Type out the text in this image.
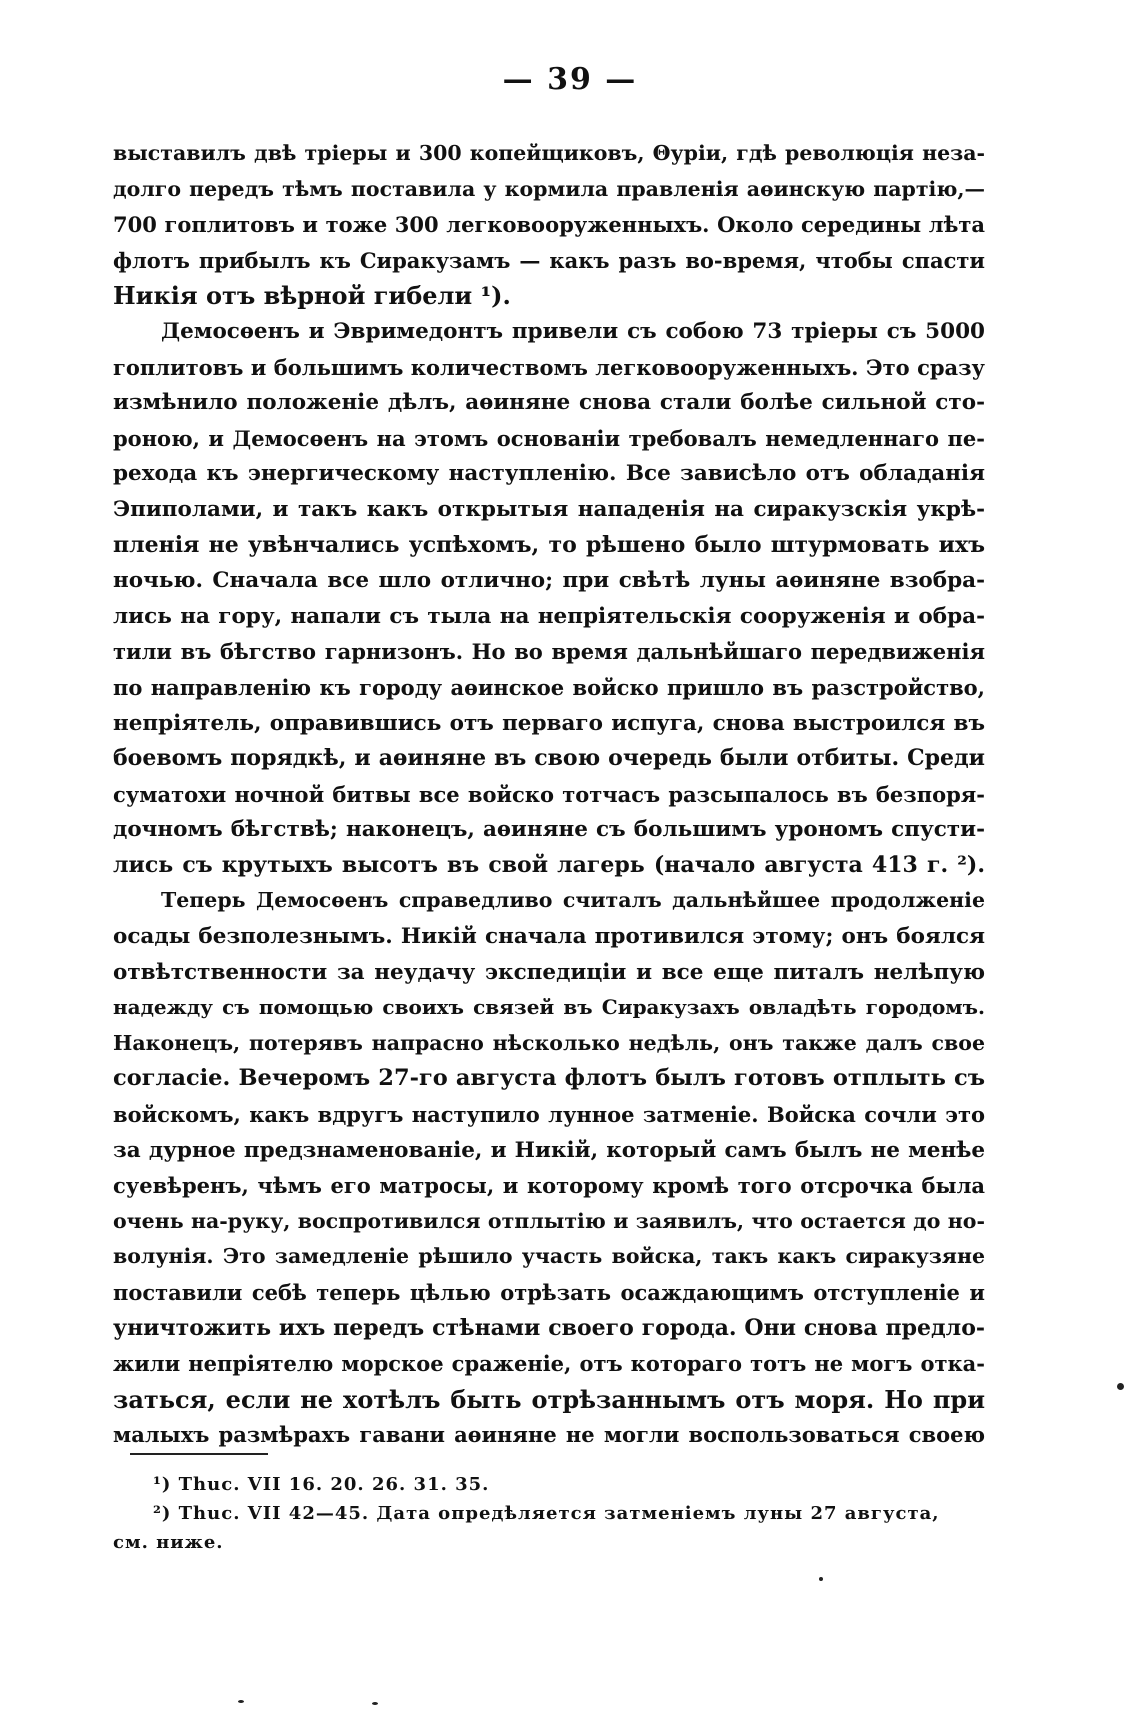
— 39 —
выставилъ двѣ тріеры и 300 копейщиковъ, Θуріи, гдѣ революція неза-
долго передъ тѣмъ поставила у кормила правленія аѳинскую партію,—
700 гоплитовъ и тоже 300 легковооруженныхъ. Около середины лѣта
флотъ прибылъ къ Сиракузамъ — какъ разъ во-время, чтобы спасти
Никія отъ вѣрной гибели ¹).
Демосѳенъ и Эвримедонтъ привели съ собою 73 тріеры съ 5000
гоплитовъ и большимъ количествомъ легковооруженныхъ. Это сразу
измѣнило положеніе дѣлъ, аѳиняне снова стали болѣе сильной сто-
роною, и Демосѳенъ на этомъ основаніи требовалъ немедленнаго пе-
рехода къ энергическому наступленію. Все зависѣло отъ обладанія
Эпиполами, и такъ какъ открытыя нападенія на сиракузскія укрѣ-
пленія не увѣнчались успѣхомъ, то рѣшено было штурмовать ихъ
ночью. Сначала все шло отлично; при свѣтѣ луны аѳиняне взобра-
лись на гору, напали съ тыла на непріятельскія сооруженія и обра-
тили въ бѣгство гарнизонъ. Но во время дальнѣйшаго передвиженія
по направленію къ городу аѳинское войско пришло въ разстройство,
непріятель, оправившись отъ перваго испуга, снова выстроился въ
боевомъ порядкѣ, и аѳиняне въ свою очередь были отбиты. Среди
суматохи ночной битвы все войско тотчасъ разсыпалось въ безпоря-
дочномъ бѣгствѣ; наконецъ, аѳиняне съ большимъ урономъ спусти-
лись съ крутыхъ высотъ въ свой лагерь (начало августа 413 г. ²).
Теперь Демосѳенъ справедливо считалъ дальнѣйшее продолженіе
осады безполезнымъ. Никій сначала противился этому; онъ боялся
отвѣтственности за неудачу экспедиціи и все еще питалъ нелѣпую
надежду съ помощью своихъ связей въ Сиракузахъ овладѣть городомъ.
Наконецъ, потерявъ напрасно нѣсколько недѣль, онъ также далъ свое
согласіе. Вечеромъ 27-го августа флотъ былъ готовъ отплыть съ
войскомъ, какъ вдругъ наступило лунное затменіе. Войска сочли это
за дурное предзнаменованіе, и Никій, который самъ былъ не менѣе
суевѣренъ, чѣмъ его матросы, и которому кромѣ того отсрочка была
очень на-руку, воспротивился отплытію и заявилъ, что остается до но-
волунія. Это замедленіе рѣшило участь войска, такъ какъ сиракузяне
поставили себѣ теперь цѣлью отрѣзать осаждающимъ отступленіе и
уничтожить ихъ передъ стѣнами своего города. Они снова предло-
жили непріятелю морское сраженіе, отъ котораго тотъ не могъ отка-
заться, если не хотѣлъ быть отрѣзаннымъ отъ моря. Но при
малыхъ размѣрахъ гавани аѳиняне не могли воспользоваться своею
¹) Thuc. VII 16. 20. 26. 31. 35.
²) Thuc. VII 42—45. Дата опредѣляется затменіемъ луны 27 августа,
см. ниже.
